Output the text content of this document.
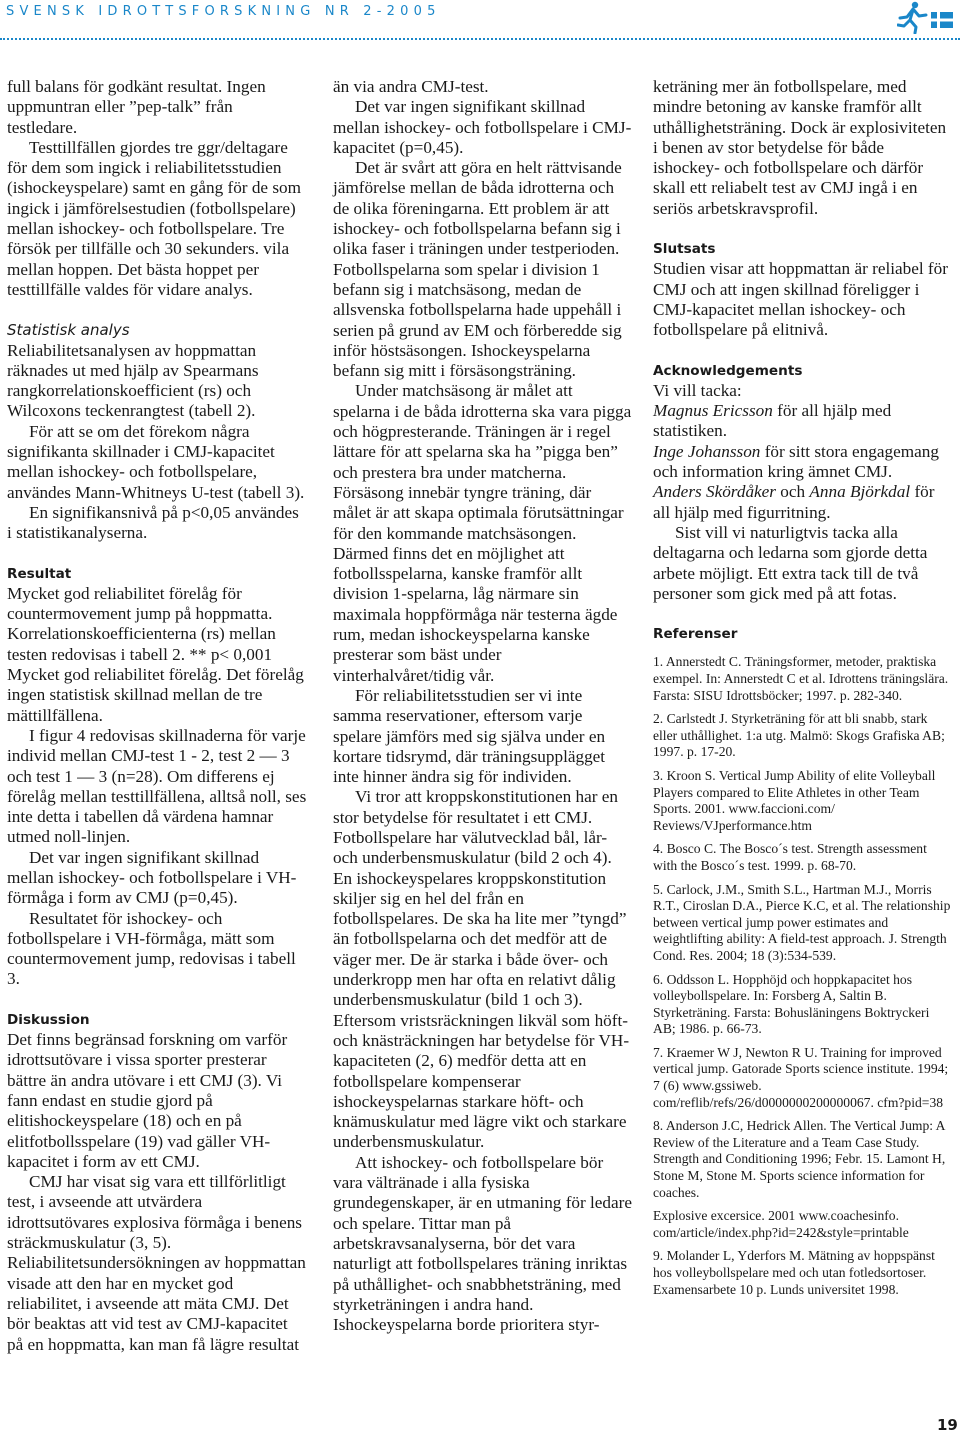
SVENSK IDROTTSFORSKNING NR 2-2005

full balans för godkänt resultat. Ingen uppmuntran eller ”pep-talk” från testledare.

Testtillfällen gjordes tre ggr/deltagare för dem som ingick i reliabilitetsstudien (ishockeyspelare) samt en gång för de som ingick i jämförelsestudien (fotbollspelare) mellan ishockey- och fotbollspelare. Tre försök per tillfälle och 30 sekunders. vila mellan hoppen. Det bästa hoppet per testtillfälle valdes för vidare analys.

Statistisk analys

Reliabilitetsanalysen av hoppmattan räknades ut med hjälp av Spearmans rangkorrelationskoefficient (rs) och Wilcoxons teckenrangtest (tabell 2).

För att se om det förekom några signifikanta skillnader i CMJ-kapacitet mellan ishockey- och fotbollspelare, användes Mann-Whitneys U-test (tabell 3).

En signifikansnivå på p<0,05 användes i statistikanalyserna.

Resultat

Mycket god reliabilitet förelåg för countermovement jump på hoppmatta. Korrelationskoefficienterna (rs) mellan testen redovisas i tabell 2. ** p< 0,001 Mycket god reliabilitet förelåg. Det förelåg ingen statistisk skillnad mellan de tre mättillfällena.

I figur 4 redovisas skillnaderna för varje individ mellan CMJ-test 1 - 2, test 2 — 3 och test 1 — 3 (n=28). Om differens ej förelåg mellan testtillfällena, alltså noll, ses inte detta i tabellen då värdena hamnar utmed noll-linjen.

Det var ingen signifikant skillnad mellan ishockey- och fotbollspelare i VH-förmåga i form av CMJ (p=0,45).

Resultatet för ishockey- och fotbollspelare i VH-förmåga, mätt som countermovement jump, redovisas i tabell 3.

Diskussion

Det finns begränsad forskning om varför idrottsutövare i vissa sporter presterar bättre än andra utövare i ett CMJ (3). Vi fann endast en studie gjord på elitishockeyspelare (18) och en på elitfotbollsspelare (19) vad gäller VH-kapacitet i form av ett CMJ.

CMJ har visat sig vara ett tillförlitligt test, i avseende att utvärdera idrottsutövares explosiva förmåga i benens sträckmuskulatur (3, 5). Reliabilitetsundersökningen av hoppmattan visade att den har en mycket god reliabilitet, i avseende att mäta CMJ. Det bör beaktas att vid test av CMJ-kapacitet på en hoppmatta, kan man få lägre resultat

än via andra CMJ-test.

Det var ingen signifikant skillnad mellan ishockey- och fotbollspelare i CMJ-kapacitet (p=0,45).

Det är svårt att göra en helt rättvisande jämförelse mellan de båda idrotterna och de olika föreningarna. Ett problem är att ishockey- och fotbollspelarna befann sig i olika faser i träningen under testperioden. Fotbollspelarna som spelar i division 1 befann sig i matchsäsong, medan de allsvenska fotbollspelarna hade uppehåll i serien på grund av EM och förberedde sig inför höstsäsongen. Ishockeyspelarna befann sig mitt i försäsongsträning.

Under matchsäsong är målet att spelarna i de båda idrotterna ska vara pigga och högpresterande. Träningen är i regel lättare för att spelarna ska ha ”pigga ben” och prestera bra under matcherna. Försäsong innebär tyngre träning, där målet är att skapa optimala förutsättningar för den kommande matchsäsongen. Därmed finns det en möjlighet att fotbollsspelarna, kanske framför allt division 1-spelarna, låg närmare sin maximala hoppförmåga när testerna ägde rum, medan ishockeyspelarna kanske presterar som bäst under vinterhalvåret/tidig vår.

För reliabilitetsstudien ser vi inte samma reservationer, eftersom varje spelare jämförs med sig själva under en kortare tidsrymd, där träningsupplägget inte hinner ändra sig för individen.

Vi tror att kroppskonstitutionen har en stor betydelse för resultatet i ett CMJ. Fotbollspelare har välutvecklad bål, lår- och underbensmuskulatur (bild 2 och 4). En ishockeyspelares kroppskonstitution skiljer sig en hel del från en fotbollspelares. De ska ha lite mer ”tyngd” än fotbollspelarna och det medför att de väger mer. De är starka i både över- och underkropp men har ofta en relativt dålig underbensmuskulatur (bild 1 och 3). Eftersom vristsräckningen likväl som höft- och knästräckningen har betydelse för VH-kapaciteten (2, 6) medför detta att en fotbollspelare kompenserar ishockeyspelarnas starkare höft- och knämuskulatur med lägre vikt och starkare underbensmuskulatur.

Att ishockey- och fotbollspelare bör vara vältränade i alla fysiska grundegenskaper, är en utmaning för ledare och spelare. Tittar man på arbetskravsanalyserna, bör det vara naturligt att fotbollspelares träning inriktas på uthållighet- och snabbhetsträning, med styrketräningen i andra hand. Ishockeyspelarna borde prioritera styr-

keträning mer än fotbollspelare, med mindre betoning av kanske framför allt uthållighetsträning. Dock är explosiviteten i benen av stor betydelse för både ishockey- och fotbollspelare och därför skall ett reliabelt test av CMJ ingå i en seriös arbetskravsprofil.

Slutsats

Studien visar att hoppmattan är reliabel för CMJ och att ingen skillnad föreligger i CMJ-kapacitet mellan ishockey- och fotbollspelare på elitnivå.

Acknowledgements

Vi vill tacka:

Magnus Ericsson för all hjälp med statistiken.

Inge Johansson för sitt stora engagemang och information kring ämnet CMJ.

Anders Skördåker och Anna Björkdal för all hjälp med figurritning.

Sist vill vi naturligtvis tacka alla deltagarna och ledarna som gjorde detta arbete möjligt. Ett extra tack till de två personer som gick med på att fotas.

Referenser

1. Annerstedt C. Träningsformer, metoder, praktiska exempel. In: Annerstedt C et al. Idrottens träningslära. Farsta: SISU Idrottsböcker; 1997. p. 282-340.

2. Carlstedt J. Styrketräning för att bli snabb, stark eller uthållighet. 1:a utg. Malmö: Skogs Grafiska AB; 1997. p. 17-20.

3. Kroon S. Vertical Jump Ability of elite Volleyball Players compared to Elite Athletes in other Team Sports. 2001. www.faccioni.com/ Reviews/VJperformance.htm

4. Bosco C. The Bosco´s test. Strength assessment with the Bosco´s test. 1999. p. 68-70.

5. Carlock, J.M., Smith S.L., Hartman M.J., Morris R.T., Ciroslan D.A., Pierce K.C, et al. The relationship between vertical jump power estimates and weightlifting ability: A field-test approach. J. Strength Cond. Res. 2004; 18 (3):534-539.

6. Oddsson L. Hopphöjd och hoppkapacitet hos volleybollspelare. In: Forsberg A, Saltin B. Styrketräning. Farsta: Bohusläningens Boktryckeri AB; 1986. p. 66-73.

7. Kraemer W J, Newton R U. Training for improved vertical jump. Gatorade Sports science institute. 1994; 7 (6) www.gssiweb. com/reflib/refs/26/d0000000200000067. cfm?pid=38

8. Anderson J.C, Hedrick Allen. The Vertical Jump: A Review of the Literature and a Team Case Study. Strength and Conditioning 1996; Febr. 15. Lamont H, Stone M, Stone M. Sports science information for coaches.

Explosive excersice. 2001 www.coachesinfo. com/article/index.php?id=242&style=printable

9. Molander L, Yderfors M. Mätning av hoppspänst hos volleybollspelare med och utan fotledsortoser. Examensarbete 10 p. Lunds universitet 1998.

19
